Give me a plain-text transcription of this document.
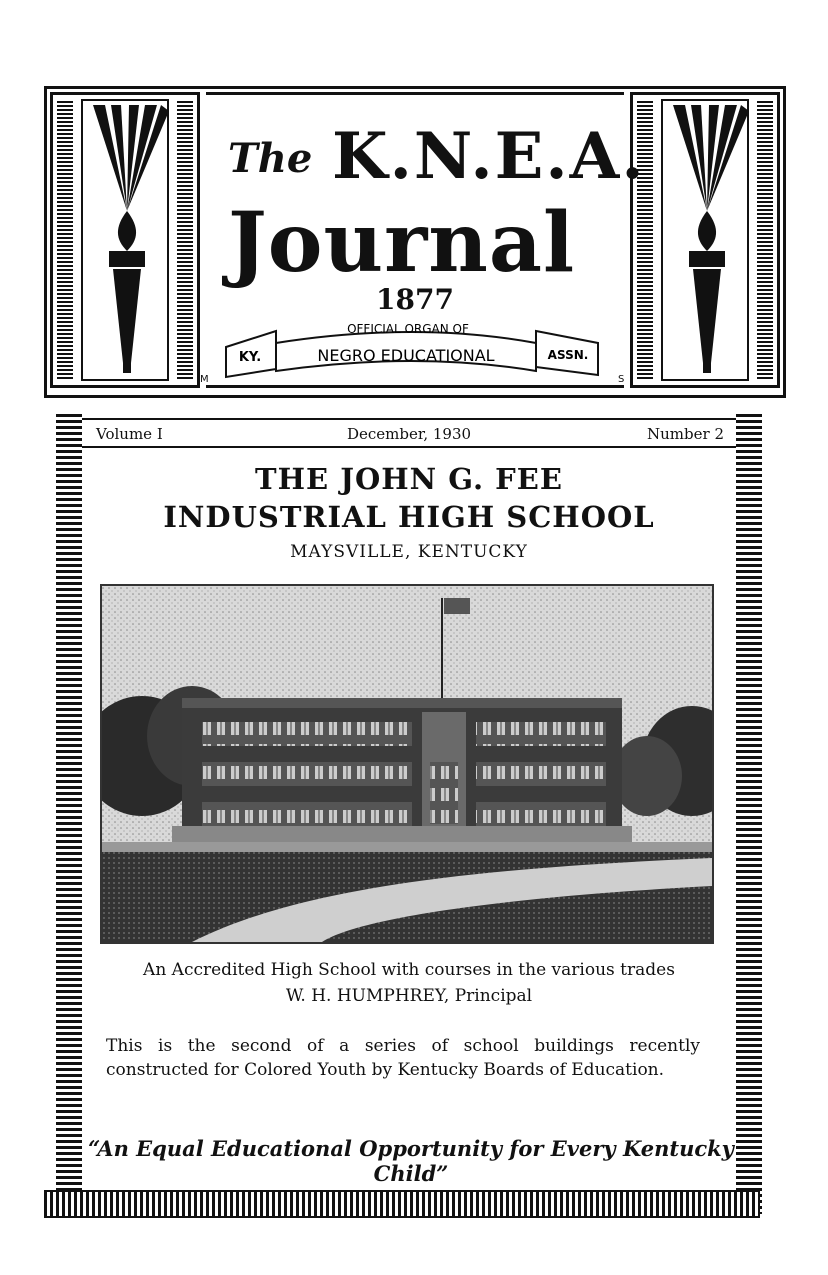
The K.N.E.A.
Journal
1877
KY.
OFFICIAL ORGAN OF
NEGRO EDUCATIONAL	ASSN.
M	S
Volume I	December, 1930	Number 2
THE JOHN G. FEE
INDUSTRIAL HIGH SCHOOL
MAYSVILLE, KENTUCKY
An Accredited High School with courses in the various trades
W. H. HUMPHREY, Principal
This is the second of a series of school buildings recently constructed for Colored Youth by Kentucky Boards of Education.
“An Equal Educational Opportunity for Every Kentucky Child”
